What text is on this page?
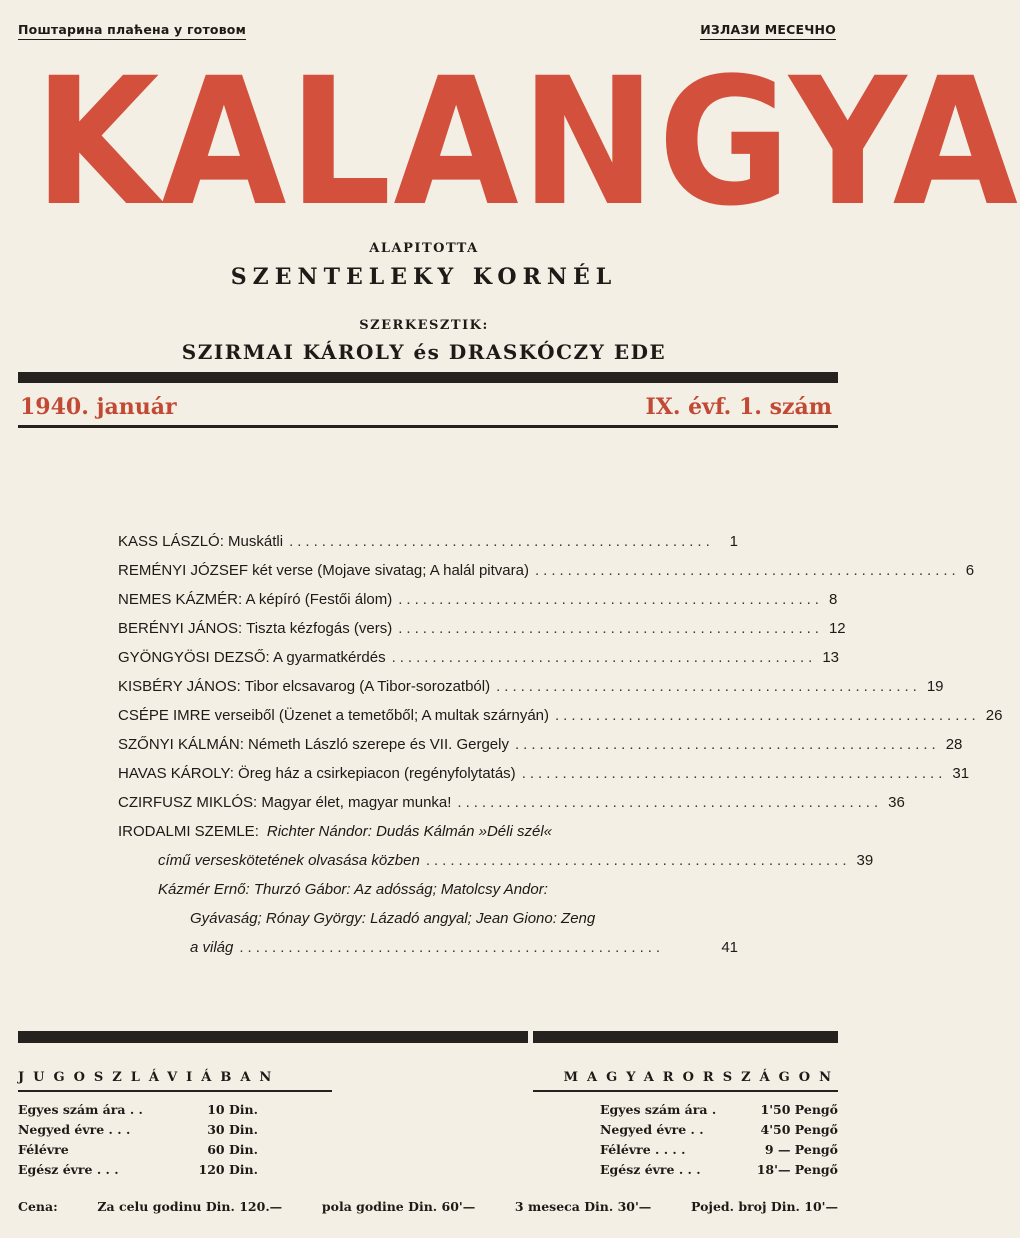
Поштарина плаћена у готовом	ИЗЛАЗИ МЕСЕЧНО
KALANGYA
ALAPITOTTA
SZENTELEKY KORNÉL
SZERKESZTIK:
SZIRMAI KÁROLY és DRASKÓCZY EDE
1940. január	IX. évf. 1. szám
KASS LÁSZLÓ: Muskátli ....................................................	1
REMÉNYI JÓZSEF két verse (Mojave sivatag; A halál pitvara) .................................................... 6
NEMES KÁZMÉR: A képíró (Festői álom) .................................................... 8
BERÉNYI JÁNOS: Tiszta kézfogás (vers) .................................................... 12
GYÖNGYÖSI DEZSŐ: A gyarmatkérdés .................................................... 13
KISBÉRY JÁNOS: Tibor elcsavarog (A Tibor-sorozatból) .................................................... 19
CSÉPE IMRE verseiből (Üzenet a temetőből; A multak szárnyán) .................................................... 26
SZŐNYI KÁLMÁN: Németh László szerepe és VII. Gergely .................................................... 28
HAVAS KÁROLY: Öreg ház a csirkepiacon (regényfolytatás) .................................................... 31
CZIRFUSZ MIKLÓS: Magyar élet, magyar munka! .................................................... 36
IRODALMI SZEMLE: Richter Nándor: Dudás Kálmán »Déli szél«
című verseskötetének olvasása közben .................................................... 39
Kázmér Ernő: Thurzó Gábor: Az adósság; Matolcsy Andor:
Gyávaság; Rónay György: Lázadó angyal; Jean Giono: Zeng
a világ ....................................................	41
JUGOSZLÁVIÁBAN	MAGYARORSZÁGON
Egyes szám ára . .	10 Din.
Negyed évre . . .	30 Din.
Félévre	60 Din.
Egész évre . . .	120 Din.
Egyes szám ára .	1'50 Pengő
Negyed évre . .	4'50 Pengő
Félévre . . . .	9 — Pengő
Egész évre . . .	18'— Pengő
Cena:	Za celu godinu Din. 120.—	pola godine Din. 60'—	3 meseca Din. 30'—	Pojed. broj Din. 10'—
